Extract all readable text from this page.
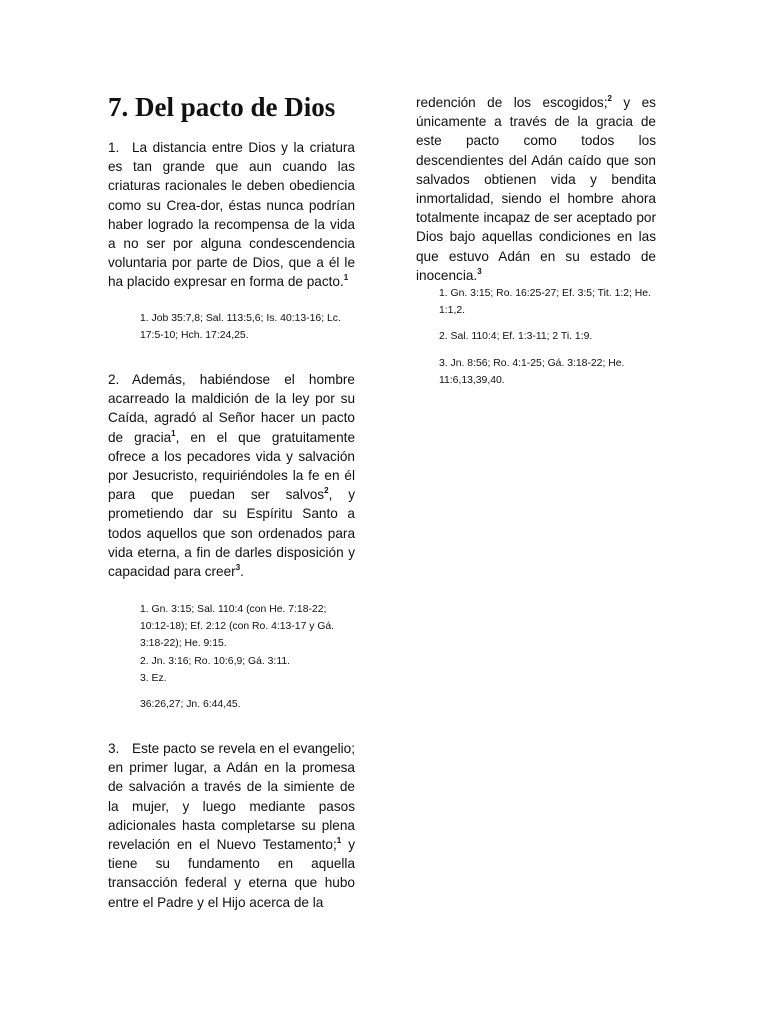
7. Del pacto de Dios

1. La distancia entre Dios y la criatura es tan grande que aun cuando las criaturas racionales le deben obediencia como su Crea-dor, éstas nunca podrían haber logrado la recompensa de la vida a no ser por alguna condescendencia voluntaria por parte de Dios, que a él le ha placido expresar en forma de pacto.$^1$

1. Job 35:7,8; Sal. 113:5,6; Is. 40:13-16; Lc. 17:5-10; Hch. 17:24,25.

2. Además, habiéndose el hombre acarreado la maldición de la ley por su Caída, agradó al Señor hacer un pacto de gracia$^1$, en el que gratuitamente ofrece a los pecadores vida y salvación por Jesucristo, requiriéndoles la fe en él para que puedan ser salvos$^2$, y prometiendo dar su Espíritu Santo a todos aquellos que son ordenados para vida eterna, a fin de darles disposición y capacidad para creer$^3$.

1. Gn. 3:15; Sal. 110:4 (con He. 7:18-22; 10:12-18); Ef. 2:12 (con Ro. 4:13-17 y Gá. 3:18-22); He. 9:15.
2. Jn. 3:16; Ro. 10:6,9; Gá. 3:11.
3. Ez.
36:26,27; Jn. 6:44,45.

3. Este pacto se revela en el evangelio; en primer lugar, a Adán en la promesa de salvación a través de la simiente de la mujer, y luego mediante pasos adicionales hasta completarse su plena revelación en el Nuevo Testamento;$^1$ y tiene su fundamento en aquella transacción federal y eterna que hubo entre el Padre y el Hijo acerca de la

redención de los escogidos;$^2$ y es únicamente a través de la gracia de este pacto como todos los descendientes del Adán caído que son salvados obtienen vida y bendita inmortalidad, siendo el hombre ahora totalmente incapaz de ser aceptado por Dios bajo aquellas condiciones en las que estuvo Adán en su estado de inocencia.$^3$

1. Gn. 3:15; Ro. 16:25-27; Ef. 3:5; Tit. 1:2; He. 1:1,2.
2. Sal. 110:4; Ef. 1:3-11; 2 Ti. 1:9.
3. Jn. 8:56; Ro. 4:1-25; Gá. 3:18-22; He. 11:6,13,39,40.
